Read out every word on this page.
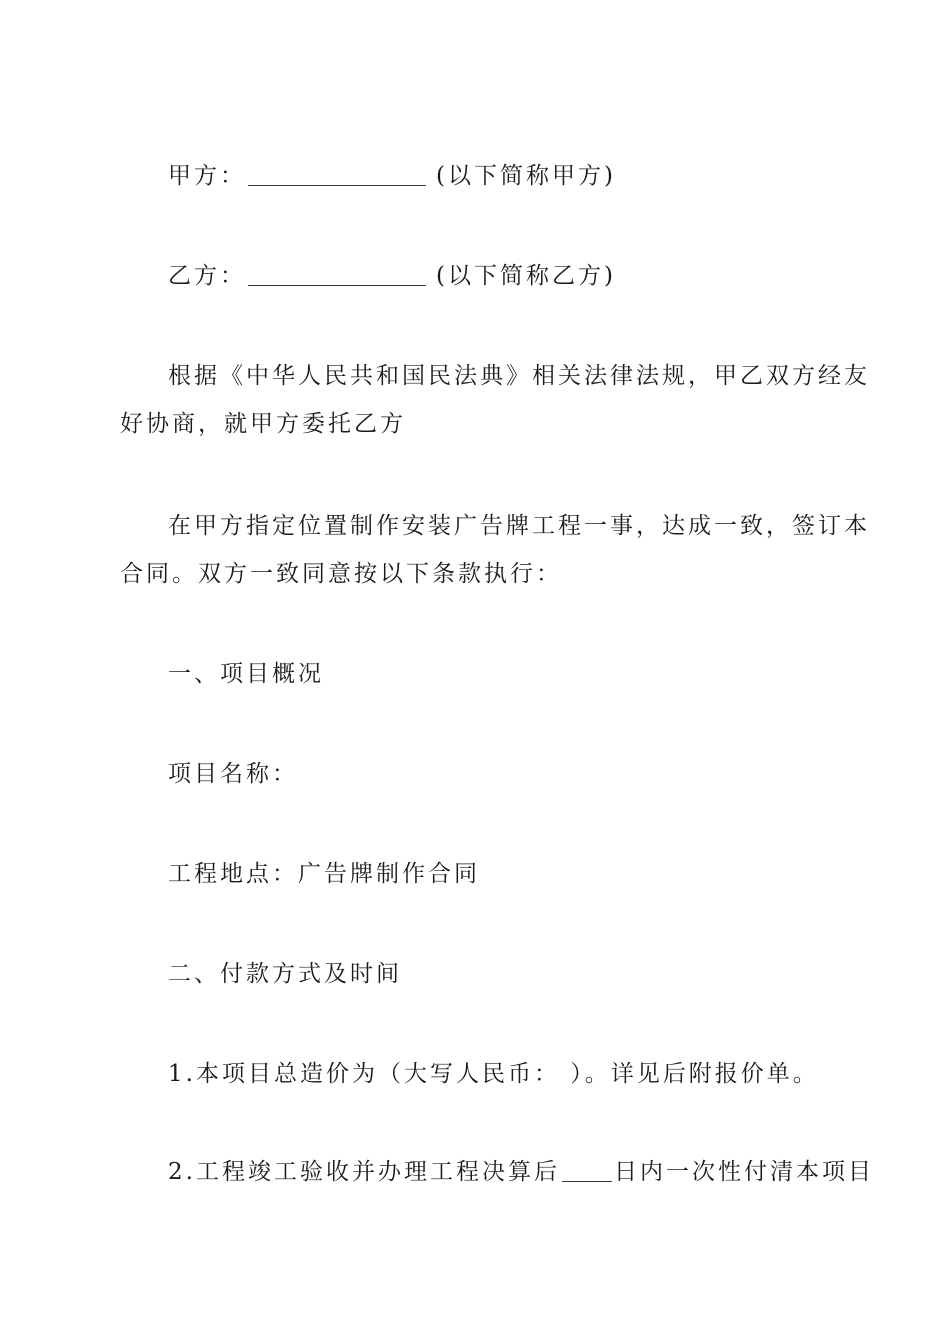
甲方：	(以下简称甲方)
乙方：	(以下简称乙方)
根据《中华人民共和国民法典》相关法律法规，甲乙双方经友
好协商，就甲方委托乙方
在甲方指定位置制作安装广告牌工程一事，达成一致，签订本
合同。双方一致同意按以下条款执行：
一、项目概况
项目名称：
工程地点：广告牌制作合同
二、付款方式及时间
1.本项目总造价为（大写人民币： ）。详见后附报价单。
2.工程竣工验收并办理工程决算后 日内一次性付清本项目
